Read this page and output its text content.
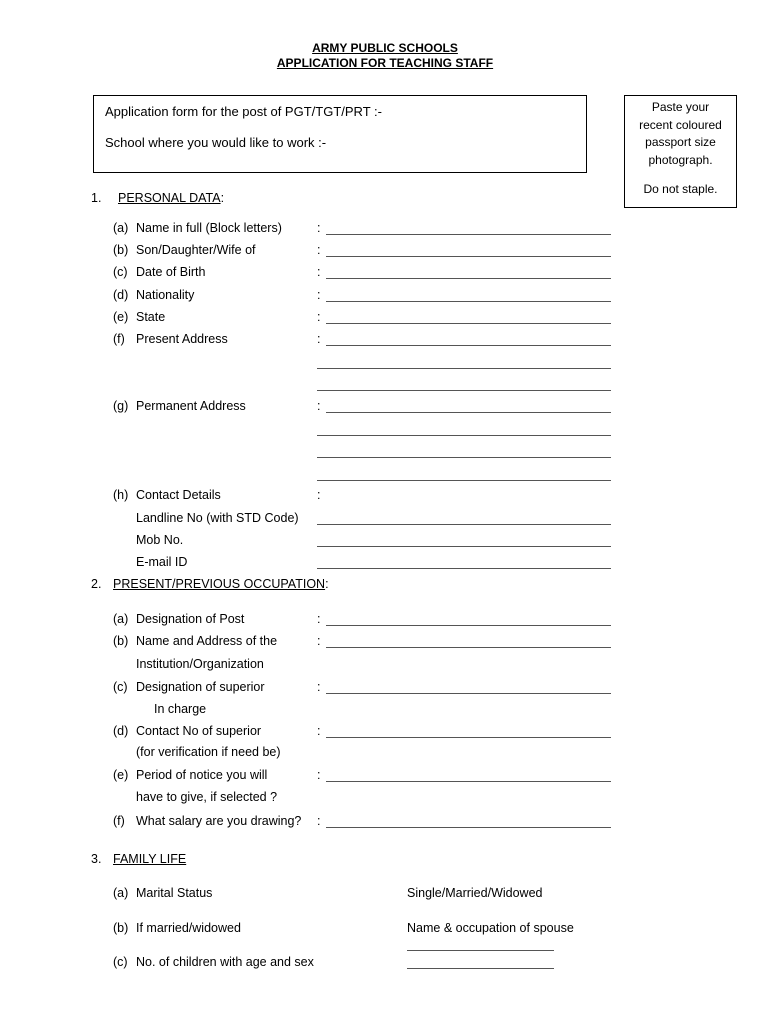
ARMY PUBLIC SCHOOLS
APPLICATION FOR TEACHING STAFF
Application form for the post of PGT/TGT/PRT :-
School where you would like to work :-
Paste your
recent coloured
passport size
photograph.
Do not staple.
1. PERSONAL DATA:
(a) Name in full (Block letters)	:
(b) Son/Daughter/Wife of	:
(c) Date of Birth	:
(d) Nationality	:
(e) State	:
(f) Present Address	:
(g) Permanent Address	:
(h) Contact Details	:
Landline No (with STD Code)
Mob No.
E-mail ID
2. PRESENT/PREVIOUS OCCUPATION:
(a) Designation of Post	:
(b) Name and Address of the
Institution/Organization
:
(c) Designation of superior
In charge
:
(d) Contact No of superior
(for verification if need be)
:
(e) Period of notice you will
have to give, if selected ?
:
(f) What salary are you drawing? :
3. FAMILY LIFE
(a) Marital Status	Single/Married/Widowed
(b) If married/widowed	Name & occupation of spouse
(c) No. of children with age and sex
